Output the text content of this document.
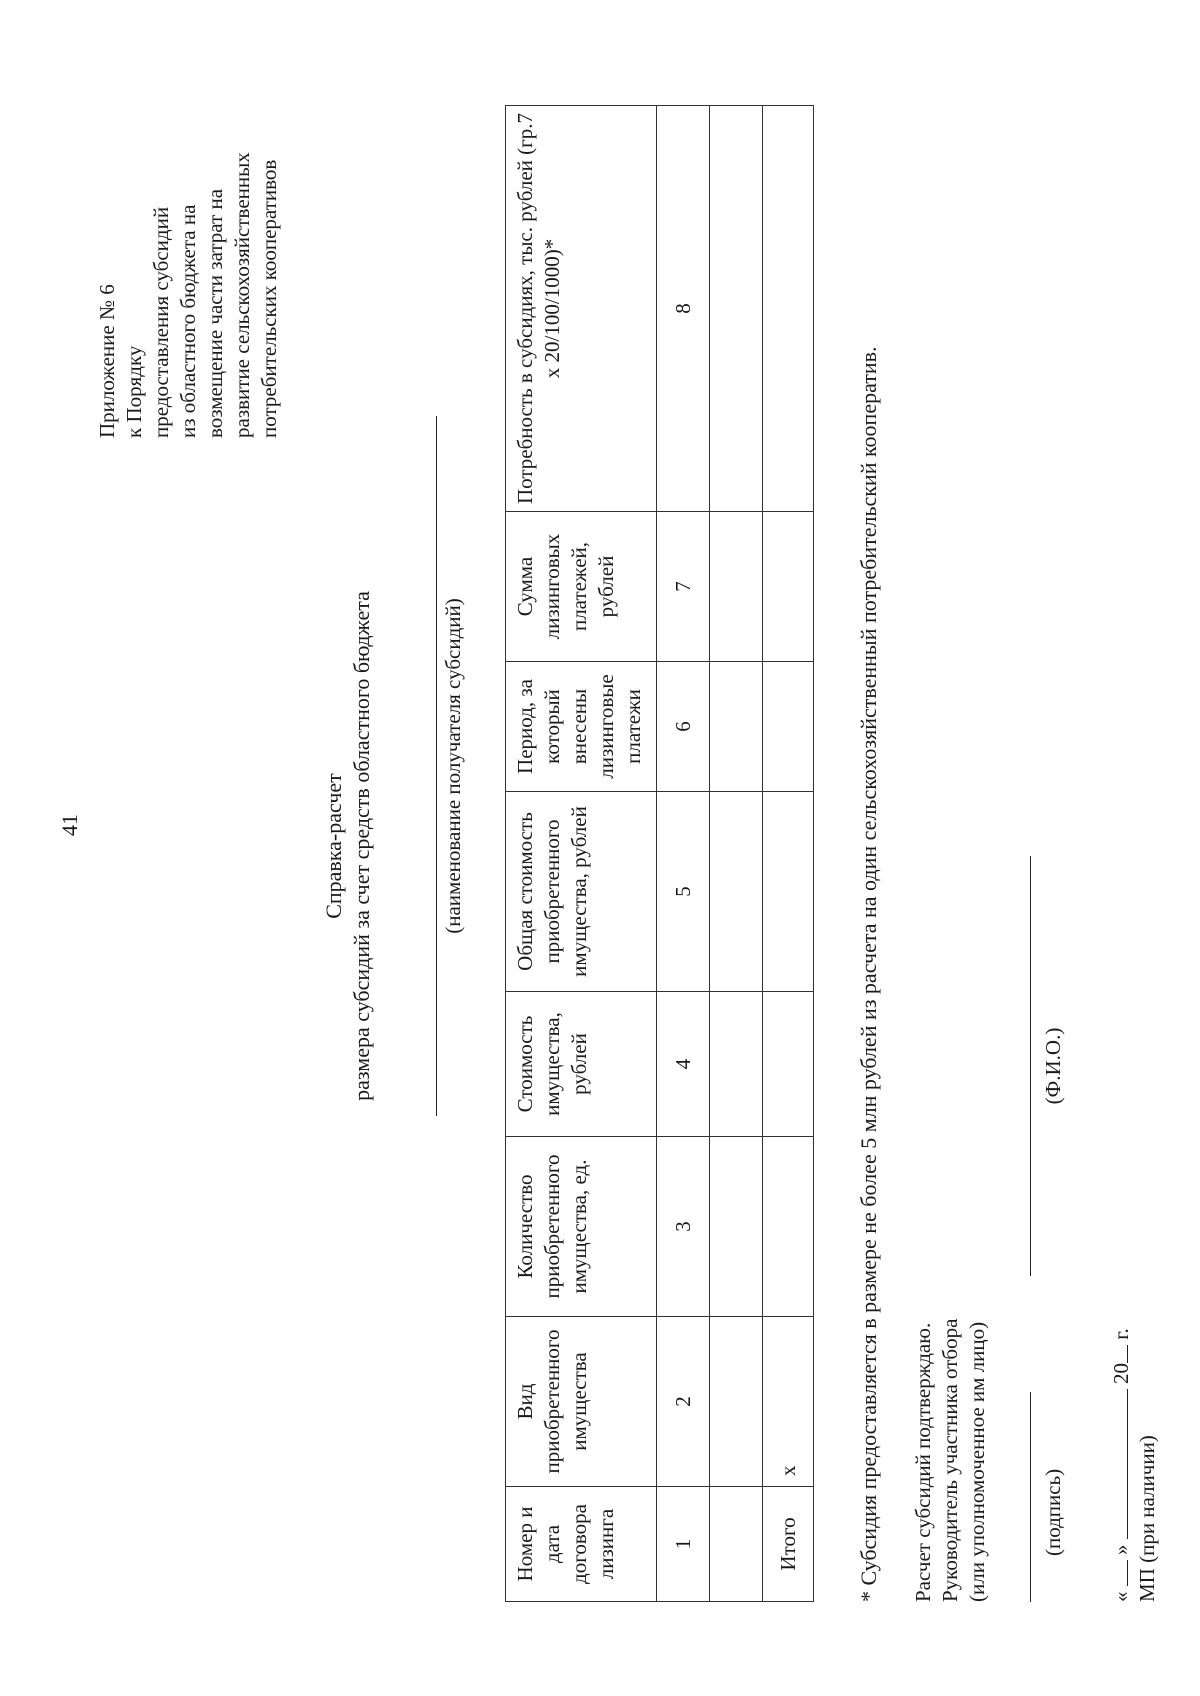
41
Приложение № 6 к Порядку предоставления субсидий из областного бюджета на возмещение части затрат на развитие сельскохозяйственных потребительских кооперативов
Справка-расчет размера субсидий за счет средств областного бюджета	(наименование получателя субсидий)
Номер и дата договора лизинга	Вид приобретенного имущества	Количество приобретенного имущества, ед.	Стоимость имущества, рублей	Общая стоимость приобретенного имущества, рублей	Период, за который внесены лизинговые платежи	Сумма лизинговых платежей, рублей	Потребность в субсидиях, тыс. рублей (гр.7 х 20/100/1000)*
1	2	3	4	5	6	7	8

Итого	х							* Субсидия предоставляется в размере не более 5 млн рублей из расчета на один сельскохозяйственный потребительский кооператив. Расчет субсидий подтверждаю. Руководитель участника отбора (или уполномоченное им лицо) (подпись)
(Ф.И.О.)
«  »  20 г.
МП (при наличии)
